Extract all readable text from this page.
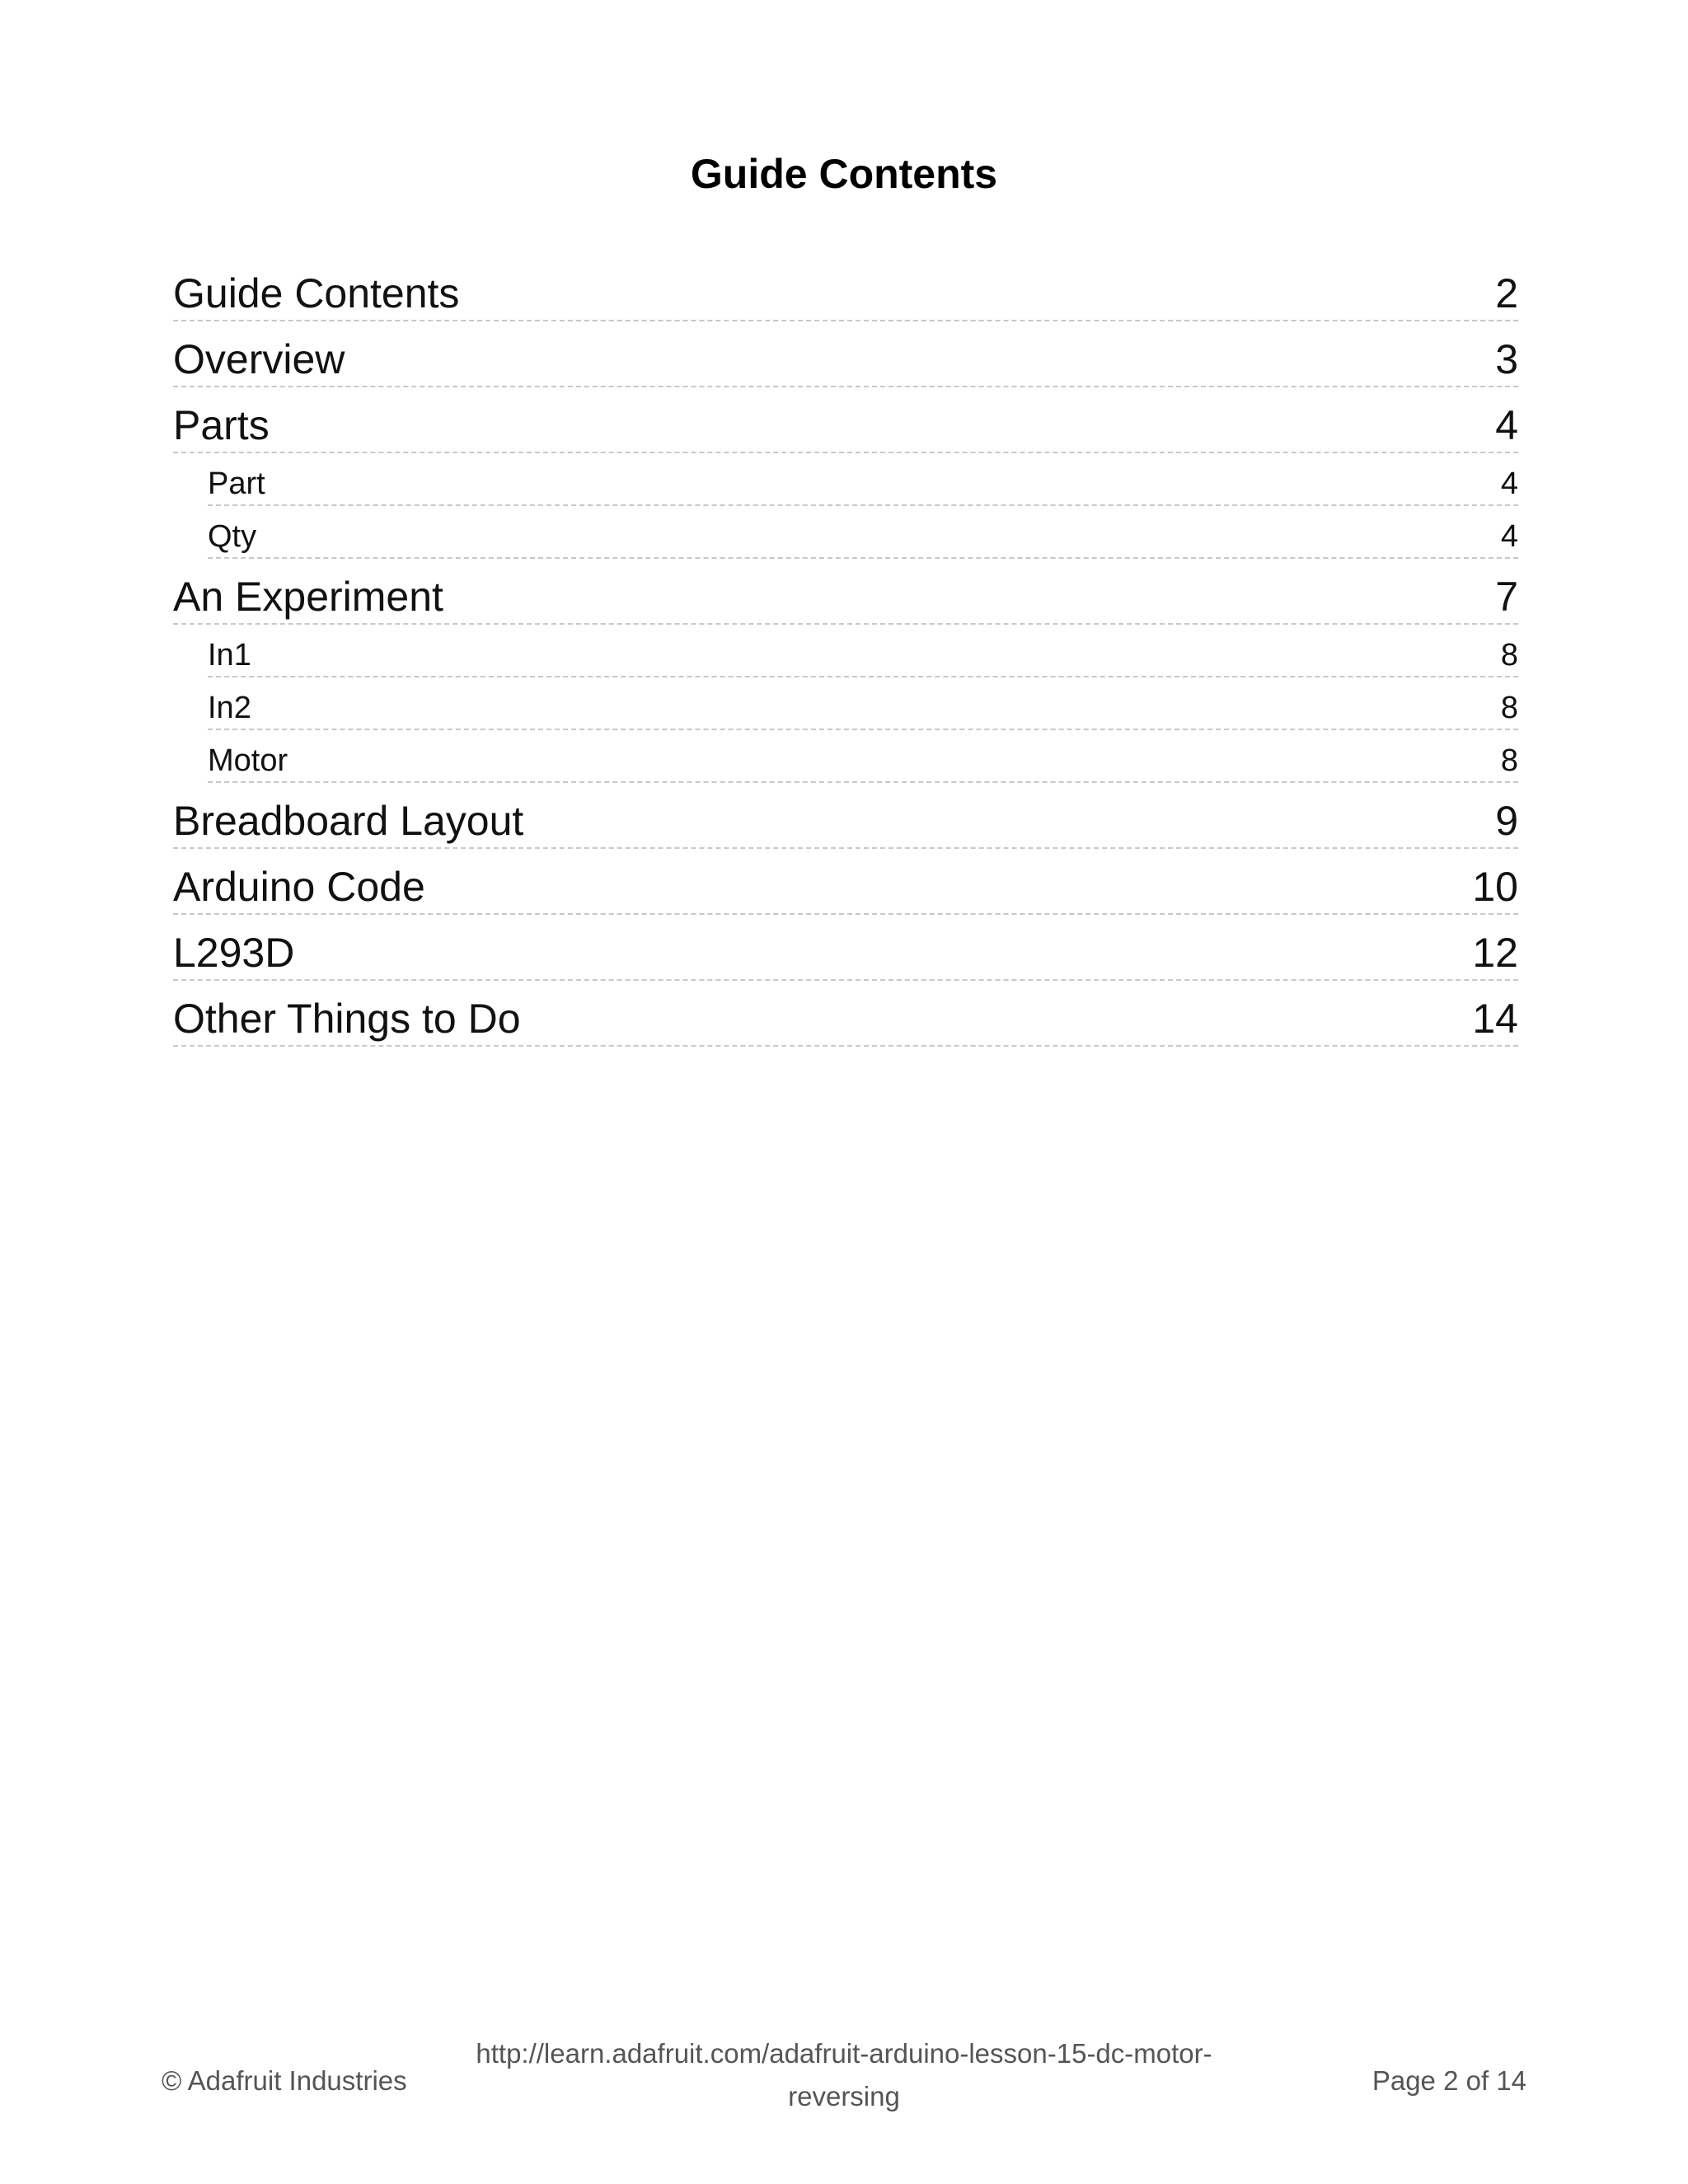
Guide Contents
Guide Contents	2
Overview	3
Parts	4
Part	4
Qty	4
An Experiment	7
In1	8
In2	8
Motor	8
Breadboard Layout	9
Arduino Code	10
L293D	12
Other Things to Do	14
© Adafruit Industries
http://learn.adafruit.com/adafruit-arduino-lesson-15-dc-motor-
reversing
Page 2 of 14
